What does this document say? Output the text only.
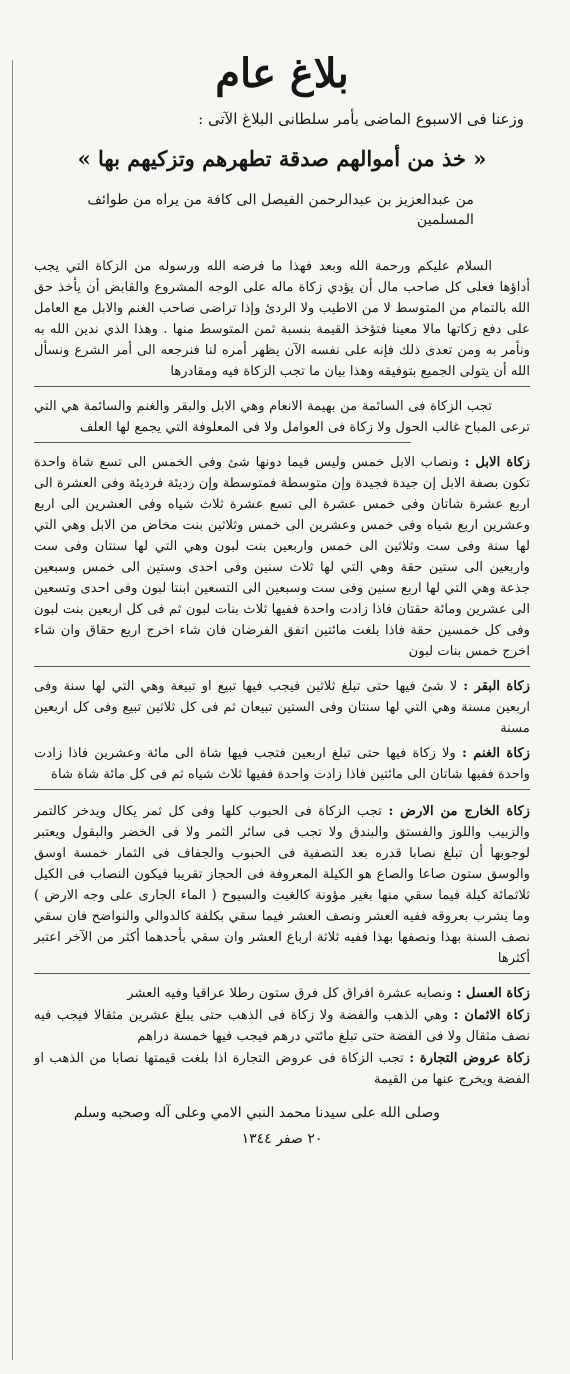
بلاغ عام
وزعنا فى الاسبوع الماضى بأمر سلطانى البلاغ الآتى :
« خذ من أموالهم صدقة تطهرهم وتزكيهم بها »
من عبدالعزيز بن عبدالرحمن الفيصل الى كافة من يراه من طوائف المسلمين

السلام عليكم ورحمة الله وبعد فهذا ما فرضه الله ورسوله من الزكاة التي يجب أداؤها فعلى كل صاحب مال أن يؤدي زكاة ماله على الوجه المشروع والقابض أن يأخذ حق الله بالتمام من المتوسط لا من الاطيب ولا الردئ وإذا تراضى صاحب الغنم والابل مع العامل على دفع زكاتها مالا معينا فتؤخذ القيمة بنسبة ثمن المتوسط منها . وهذا الذي ندين الله به ونأمر به ومن تعدى ذلك فإنه على نفسه الآن يظهر أمره لنا فنرجعه الى أمر الشرع ونسأل الله أن يتولى الجميع بتوفيقه وهذا بيان ما تجب الزكاة فيه ومقادرها

تجب الزكاة فى السائمة من بهيمة الانعام وهي الابل والبقر والغنم والسائمة هي التي ترعى المباح غالب الحول ولا زكاة فى العوامل ولا فى المعلوفة التي يجمع لها العلف

زكاة الابل : ونصاب الابل خمس وليس فيما دونها شئ وفى الخمس الى تسع شاة واحدة تكون بصفة الابل إن جيدة فجيدة وإن متوسطة فمتوسطة وإن رديئة فرديئة وفى العشرة الى اربع عشرة شاتان وفى خمس عشرة الى تسع عشرة ثلاث شياه وفى العشرين الى اربع وعشرين اربع شياه وفى خمس وعشرين الى خمس وثلاثين بنت مخاض من الابل وهي التي لها سنة وفى ست وثلاثين الى خمس واربعين بنت لبون وهي التي لها سنتان وفى ست واربعين الى ستين حقة وهي التي لها ثلاث سنين وفى احدى وستين الى خمس وسبعين جذعة وهي التي لها اربع سنين وفى ست وسبعين الى التسعين ابنتا لبون وفى احدى وتسعين الى عشرين ومائة حقتان فاذا زادت واحدة ففيها ثلاث بنات لبون ثم فى كل اربعين بنت لبون وفى كل خمسين حقة فاذا بلغت مائتين اتفق الفرضان فان شاء اخرج اربع حقاق وان شاء اخرج خمس بنات لبون

زكاة البقر : لا شئ فيها حتى تبلغ ثلاثين فيجب فيها تبيع او تبيعة وهي التي لها سنة وفى اربعين مسنة وهي التي لها سنتان وفى الستين تبيعان ثم فى كل ثلاثين تبيع وفى كل اربعين مسنة

زكاة الغنم : ولا زكاة فيها حتى تبلغ اربعين فتجب فيها شاة الى مائة وعشرين فاذا زادت واحدة ففيها شاتان الى مائتين فاذا زادت واحدة ففيها ثلاث شياه ثم فى كل مائة شاة شاة

زكاة الخارج من الارض : تجب الزكاة فى الحبوب كلها وفى كل ثمر يكال ويدخر كالتمر والزبيب واللوز والفستق والبندق ولا تجب فى سائر الثمر ولا فى الخضر والبقول ويعتبر لوجوبها أن تبلغ نصابا قدره بعد التصفية فى الحبوب والجفاف فى الثمار خمسة اوسق والوسق ستون صاعا والصاع هو الكيلة المعروفة فى الحجاز تقريبا فيكون النصاب فى الكيل ثلاثمائة كيلة فيما سقي منها بغير مؤونة كالغيث والسيوح ( الماء الجارى على وجه الارض ) وما يشرب بعروقه ففيه العشر ونصف العشر فيما سقي بكلفة كالدوالي والنواضح فان سقي نصف السنة بهذا ونصفها بهذا ففيه ثلاثة ارباع العشر وان سقي بأحدهما أكثر من الآخر اعتبر أكثرها

زكاة العسل : ونصابه عشرة افراق كل فرق ستون رطلا عراقيا وفيه العشر

زكاة الاثمان : وهي الذهب والفضة ولا زكاة فى الذهب حتى يبلغ عشرين مثقالا فيجب فيه نصف مثقال ولا فى الفضة حتى تبلغ مائتي درهم فيجب فيها خمسة دراهم

زكاة عروض التجارة : تجب الزكاة فى عروض التجارة اذا بلغت قيمتها نصابا من الذهب او الفضة ويخرج عنها من القيمة

وصلى الله على سيدنا محمد النبي الامي وعلى آله وصحبه وسلم
٢٠ صفر ١٣٤٤
